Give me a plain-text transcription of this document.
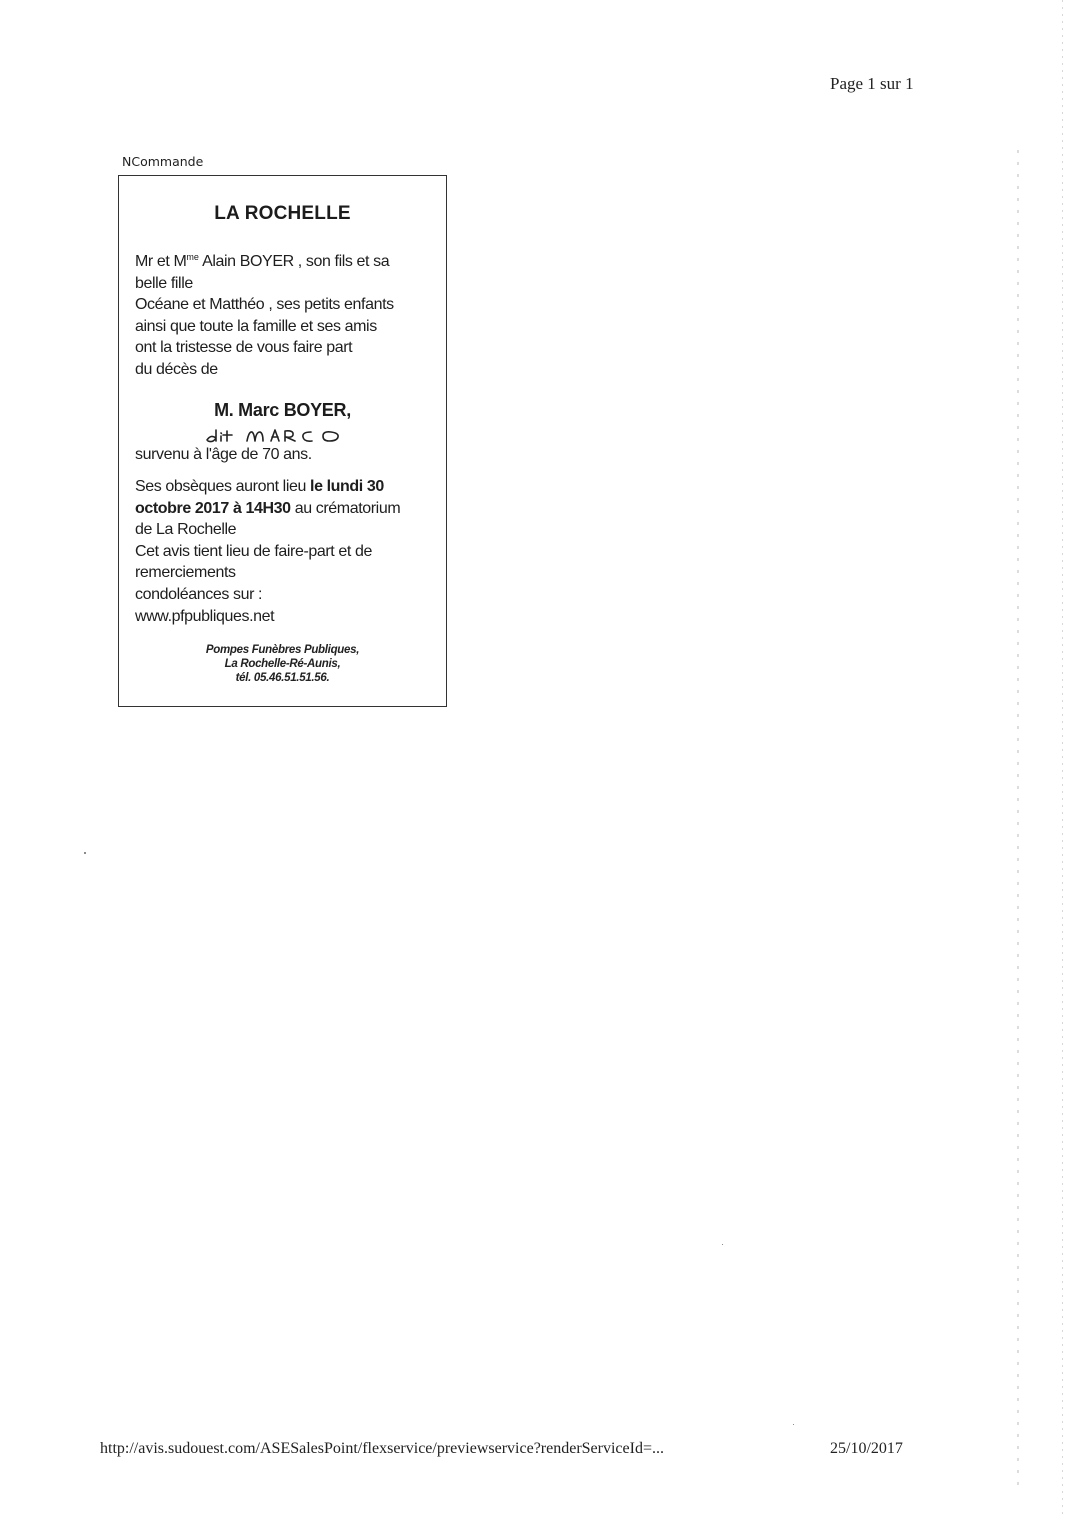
Page 1 sur 1
NCommande
LA ROCHELLE
Mr et $M^{me}$ Alain BOYER , son fils et sa
belle fille
Océane et Matthéo , ses petits enfants
ainsi que toute la famille et ses amis
ont la tristesse de vous faire part
du décès de
M. Marc BOYER,
survenu à l'âge de 70 ans.
Ses obsèques auront lieu le lundi 30
octobre 2017 à 14H30 au crématorium
de La Rochelle
Cet avis tient lieu de faire-part et de
remerciements
condoléances sur :
www.pfpubliques.net
Pompes Funèbres Publiques,
La Rochelle-Ré-Aunis,
tél. 05.46.51.51.56.
http://avis.sudouest.com/ASESalesPoint/flexservice/previewservice?renderServiceId=...	25/10/2017
